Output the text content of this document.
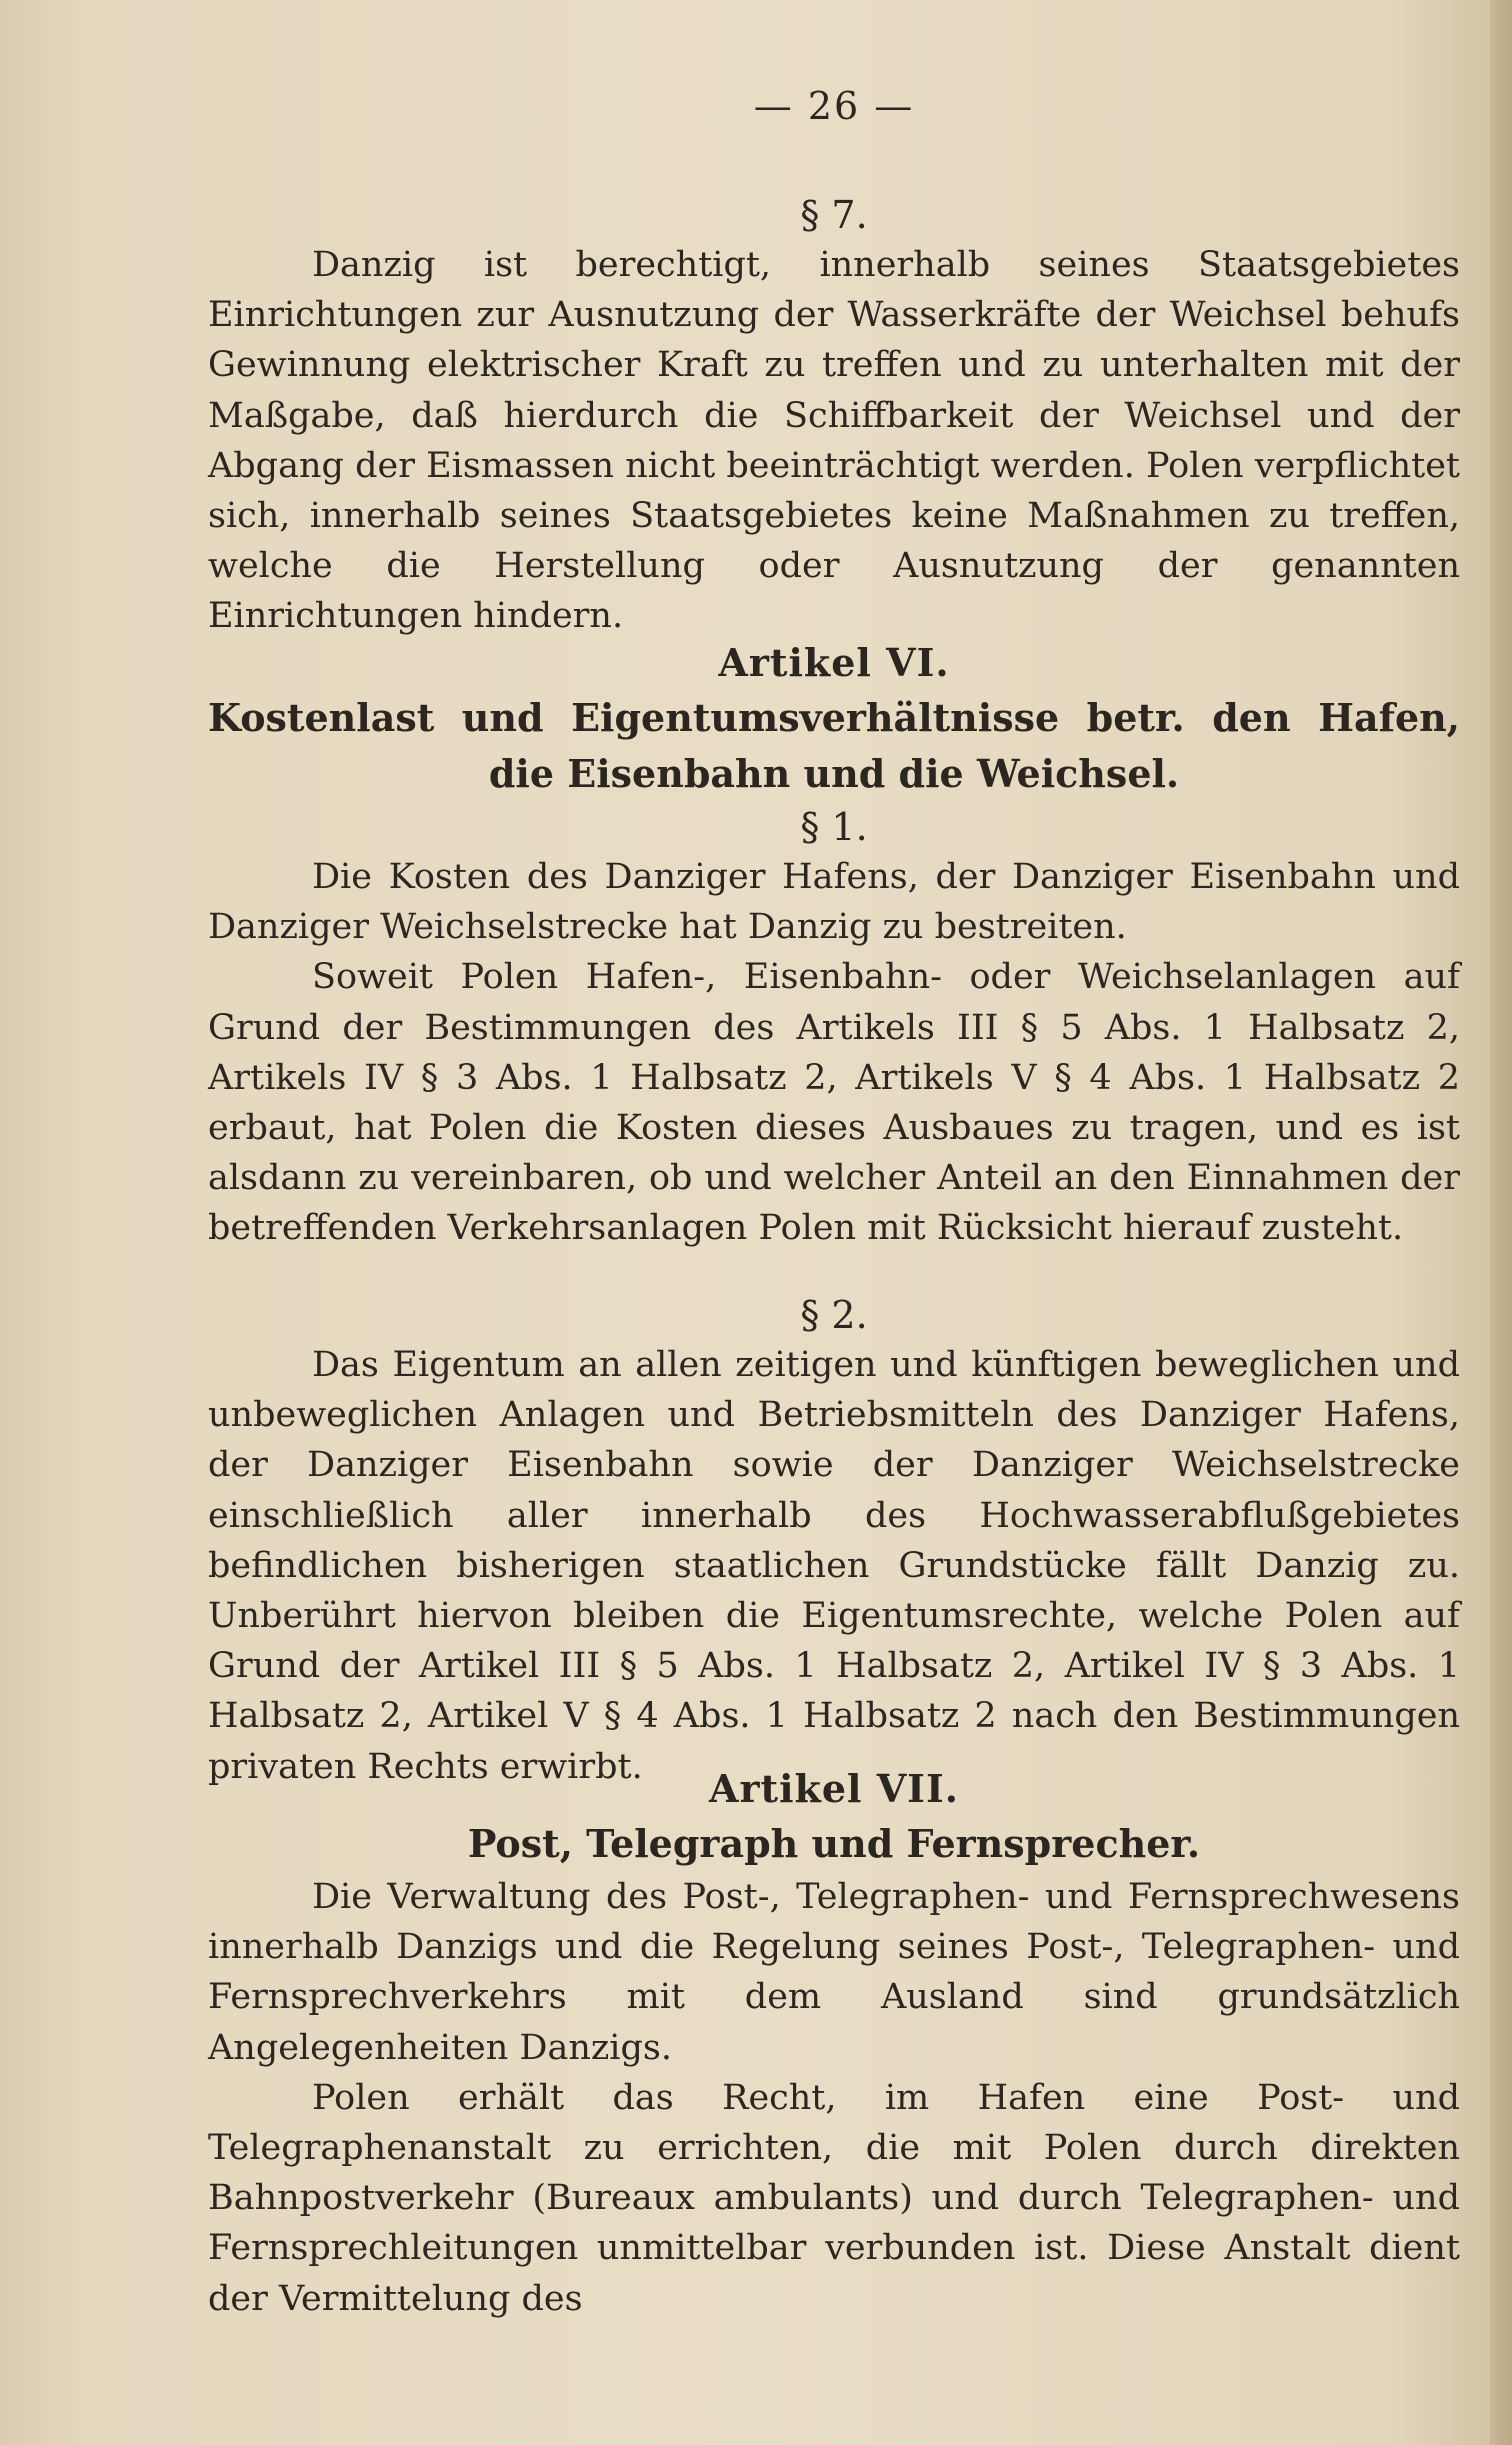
— 26 —

§ 7.

Danzig ist berechtigt, innerhalb seines Staatsgebietes Einrichtungen zur Ausnutzung der Wasserkräfte der Weichsel behufs Gewinnung elektrischer Kraft zu treffen und zu unterhalten mit der Maßgabe, daß hierdurch die Schiffbarkeit der Weichsel und der Abgang der Eismassen nicht beeinträchtigt werden. Polen verpflichtet sich, innerhalb seines Staatsgebietes keine Maßnahmen zu treffen, welche die Herstellung oder Ausnutzung der genannten Einrichtungen hindern.

Artikel VI.

Kostenlast und Eigentumsverhältnisse betr. den Hafen, die Eisenbahn und die Weichsel.

§ 1.

Die Kosten des Danziger Hafens, der Danziger Eisenbahn und Danziger Weichselstrecke hat Danzig zu bestreiten.

Soweit Polen Hafen-, Eisenbahn- oder Weichselanlagen auf Grund der Bestimmungen des Artikels III § 5 Abs. 1 Halbsatz 2, Artikels IV § 3 Abs. 1 Halbsatz 2, Artikels V § 4 Abs. 1 Halbsatz 2 erbaut, hat Polen die Kosten dieses Ausbaues zu tragen, und es ist alsdann zu vereinbaren, ob und welcher Anteil an den Einnahmen der betreffenden Verkehrsanlagen Polen mit Rücksicht hierauf zusteht.

§ 2.

Das Eigentum an allen zeitigen und künftigen beweglichen und unbeweglichen Anlagen und Betriebsmitteln des Danziger Hafens, der Danziger Eisenbahn sowie der Danziger Weichselstrecke einschließlich aller innerhalb des Hochwasserabflußgebietes befindlichen bisherigen staatlichen Grundstücke fällt Danzig zu. Unberührt hiervon bleiben die Eigentumsrechte, welche Polen auf Grund der Artikel III § 5 Abs. 1 Halbsatz 2, Artikel IV § 3 Abs. 1 Halbsatz 2, Artikel V § 4 Abs. 1 Halbsatz 2 nach den Bestimmungen privaten Rechts erwirbt.	Artikel VII.

Post, Telegraph und Fernsprecher.

Die Verwaltung des Post-, Telegraphen- und Fernsprechwesens innerhalb Danzigs und die Regelung seines Post-, Telegraphen- und Fernsprechverkehrs mit dem Ausland sind grundsätzlich Angelegenheiten Danzigs.

Polen erhält das Recht, im Hafen eine Post- und Telegraphenanstalt zu errichten, die mit Polen durch direkten Bahnpostverkehr (Bureaux ambulants) und durch Telegraphen- und Fernsprechleitungen unmittelbar verbunden ist. Diese Anstalt dient der Vermittelung des
